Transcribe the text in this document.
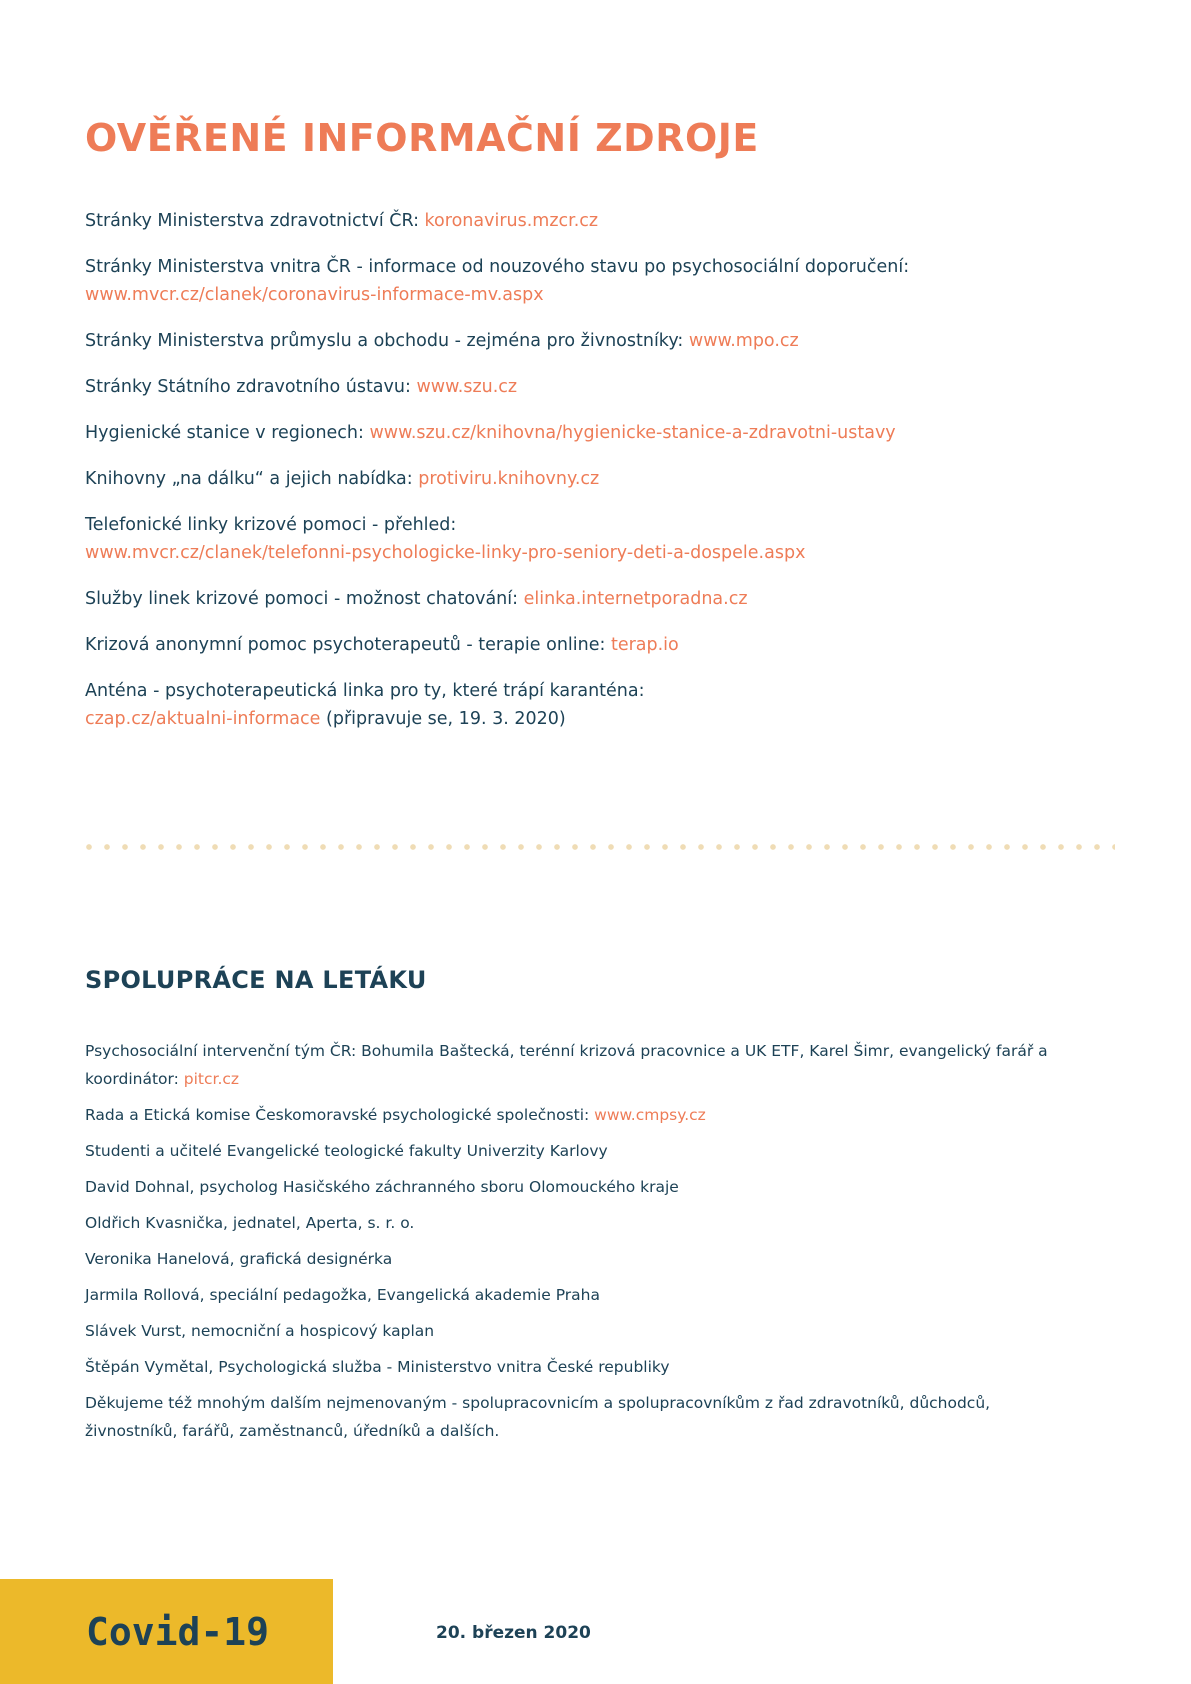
OVĚŘENÉ INFORMAČNÍ ZDROJE

Stránky Ministerstva zdravotnictví ČR: koronavirus.mzcr.cz

Stránky Ministerstva vnitra ČR - informace od nouzového stavu po psychosociální doporučení:
www.mvcr.cz/clanek/coronavirus-informace-mv.aspx

Stránky Ministerstva průmyslu a obchodu - zejména pro živnostníky: www.mpo.cz

Stránky Státního zdravotního ústavu: www.szu.cz

Hygienické stanice v regionech: www.szu.cz/knihovna/hygienicke-stanice-a-zdravotni-ustavy

Knihovny „na dálku“ a jejich nabídka: protiviru.knihovny.cz

Telefonické linky krizové pomoci - přehled:
www.mvcr.cz/clanek/telefonni-psychologicke-linky-pro-seniory-deti-a-dospele.aspx

Služby linek krizové pomoci - možnost chatování: elinka.internetporadna.cz

Krizová anonymní pomoc psychoterapeutů - terapie online: terap.io

Anténa - psychoterapeutická linka pro ty, které trápí karanténa:
czap.cz/aktualni-informace (připravuje se, 19. 3. 2020)

SPOLUPRÁCE NA LETÁKU

Psychosociální intervenční tým ČR: Bohumila Baštecká, terénní krizová pracovnice a UK ETF, Karel Šimr, evangelický farář a koordinátor: pitcr.cz

Rada a Etická komise Českomoravské psychologické společnosti: www.cmpsy.cz

Studenti a učitelé Evangelické teologické fakulty Univerzity Karlovy

David Dohnal, psycholog Hasičského záchranného sboru Olomouckého kraje

Oldřich Kvasnička, jednatel, Aperta, s. r. o.

Veronika Hanelová, grafická designérka

Jarmila Rollová, speciální pedagožka, Evangelická akademie Praha

Slávek Vurst, nemocniční a hospicový kaplan

Štěpán Vymětal, Psychologická služba - Ministerstvo vnitra České republiky

Děkujeme též mnohým dalším nejmenovaným - spolupracovnicím a spolupracovníkům z řad zdravotníků, důchodců, živnostníků, farářů, zaměstnanců, úředníků a dalších.

Covid-19	20. březen 2020
